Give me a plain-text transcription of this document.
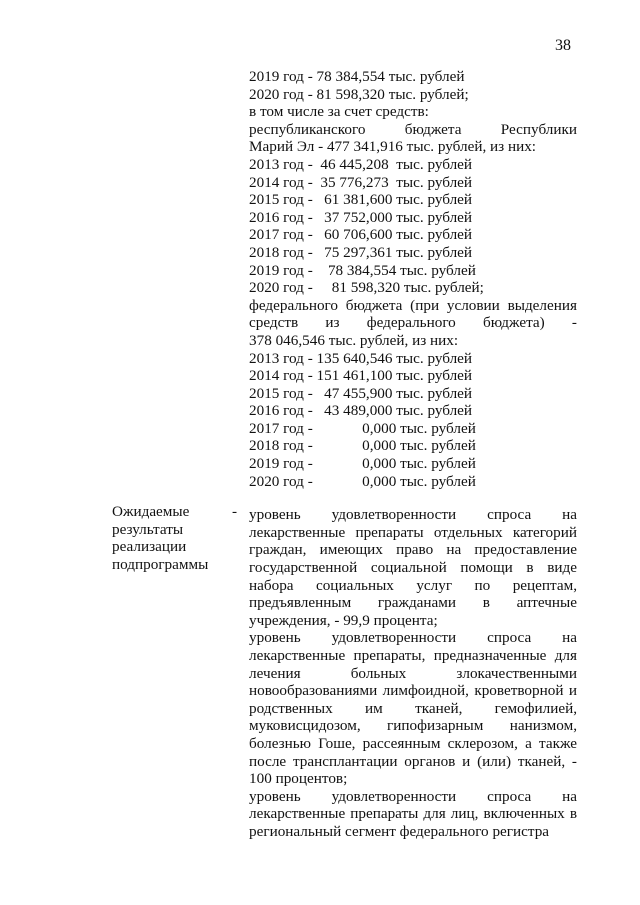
38
2019 год - 78 384,554 тыс. рублей
2020 год - 81 598,320 тыс. рублей;
в том числе за счет средств:
республиканского бюджета Республики
Марий Эл - 477 341,916 тыс. рублей, из них:
2013 год -  46 445,208  тыс. рублей
2014 год -  35 776,273  тыс. рублей
2015 год -   61 381,600 тыс. рублей
2016 год -   37 752,000 тыс. рублей
2017 год -   60 706,600 тыс. рублей
2018 год -   75 297,361 тыс. рублей
2019 год -    78 384,554 тыс. рублей
2020 год -     81 598,320 тыс. рублей;
федерального бюджета (при условии выделения
средств из федерального бюджета) -
378 046,546 тыс. рублей, из них:
2013 год - 135 640,546 тыс. рублей
2014 год - 151 461,100 тыс. рублей
2015 год -   47 455,900 тыс. рублей
2016 год -   43 489,000 тыс. рублей
2017 год -             0,000 тыс. рублей
2018 год -             0,000 тыс. рублей
2019 год -             0,000 тыс. рублей
2020 год -             0,000 тыс. рублей
уровень удовлетворенности спроса на лекарственные препараты отдельных категорий граждан, имеющих право на предоставление государственной социальной помощи в виде набора социальных услуг по рецептам, предъявленным гражданами в аптечные учреждения, - 99,9 процента;
уровень удовлетворенности спроса на лекарственные препараты, предназначенные для лечения больных злокачественными новообразованиями лимфоидной, кроветворной и родственных им тканей, гемофилией, муковисцидозом, гипофизарным нанизмом, болезнью Гоше, рассеянным склерозом, а также после трансплантации органов и (или) тканей, - 100 процентов;
уровень удовлетворенности спроса на лекарственные препараты для лиц, включенных в региональный сегмент федерального регистра
Ожидаемые
результаты
реализации
подпрограммы
-
